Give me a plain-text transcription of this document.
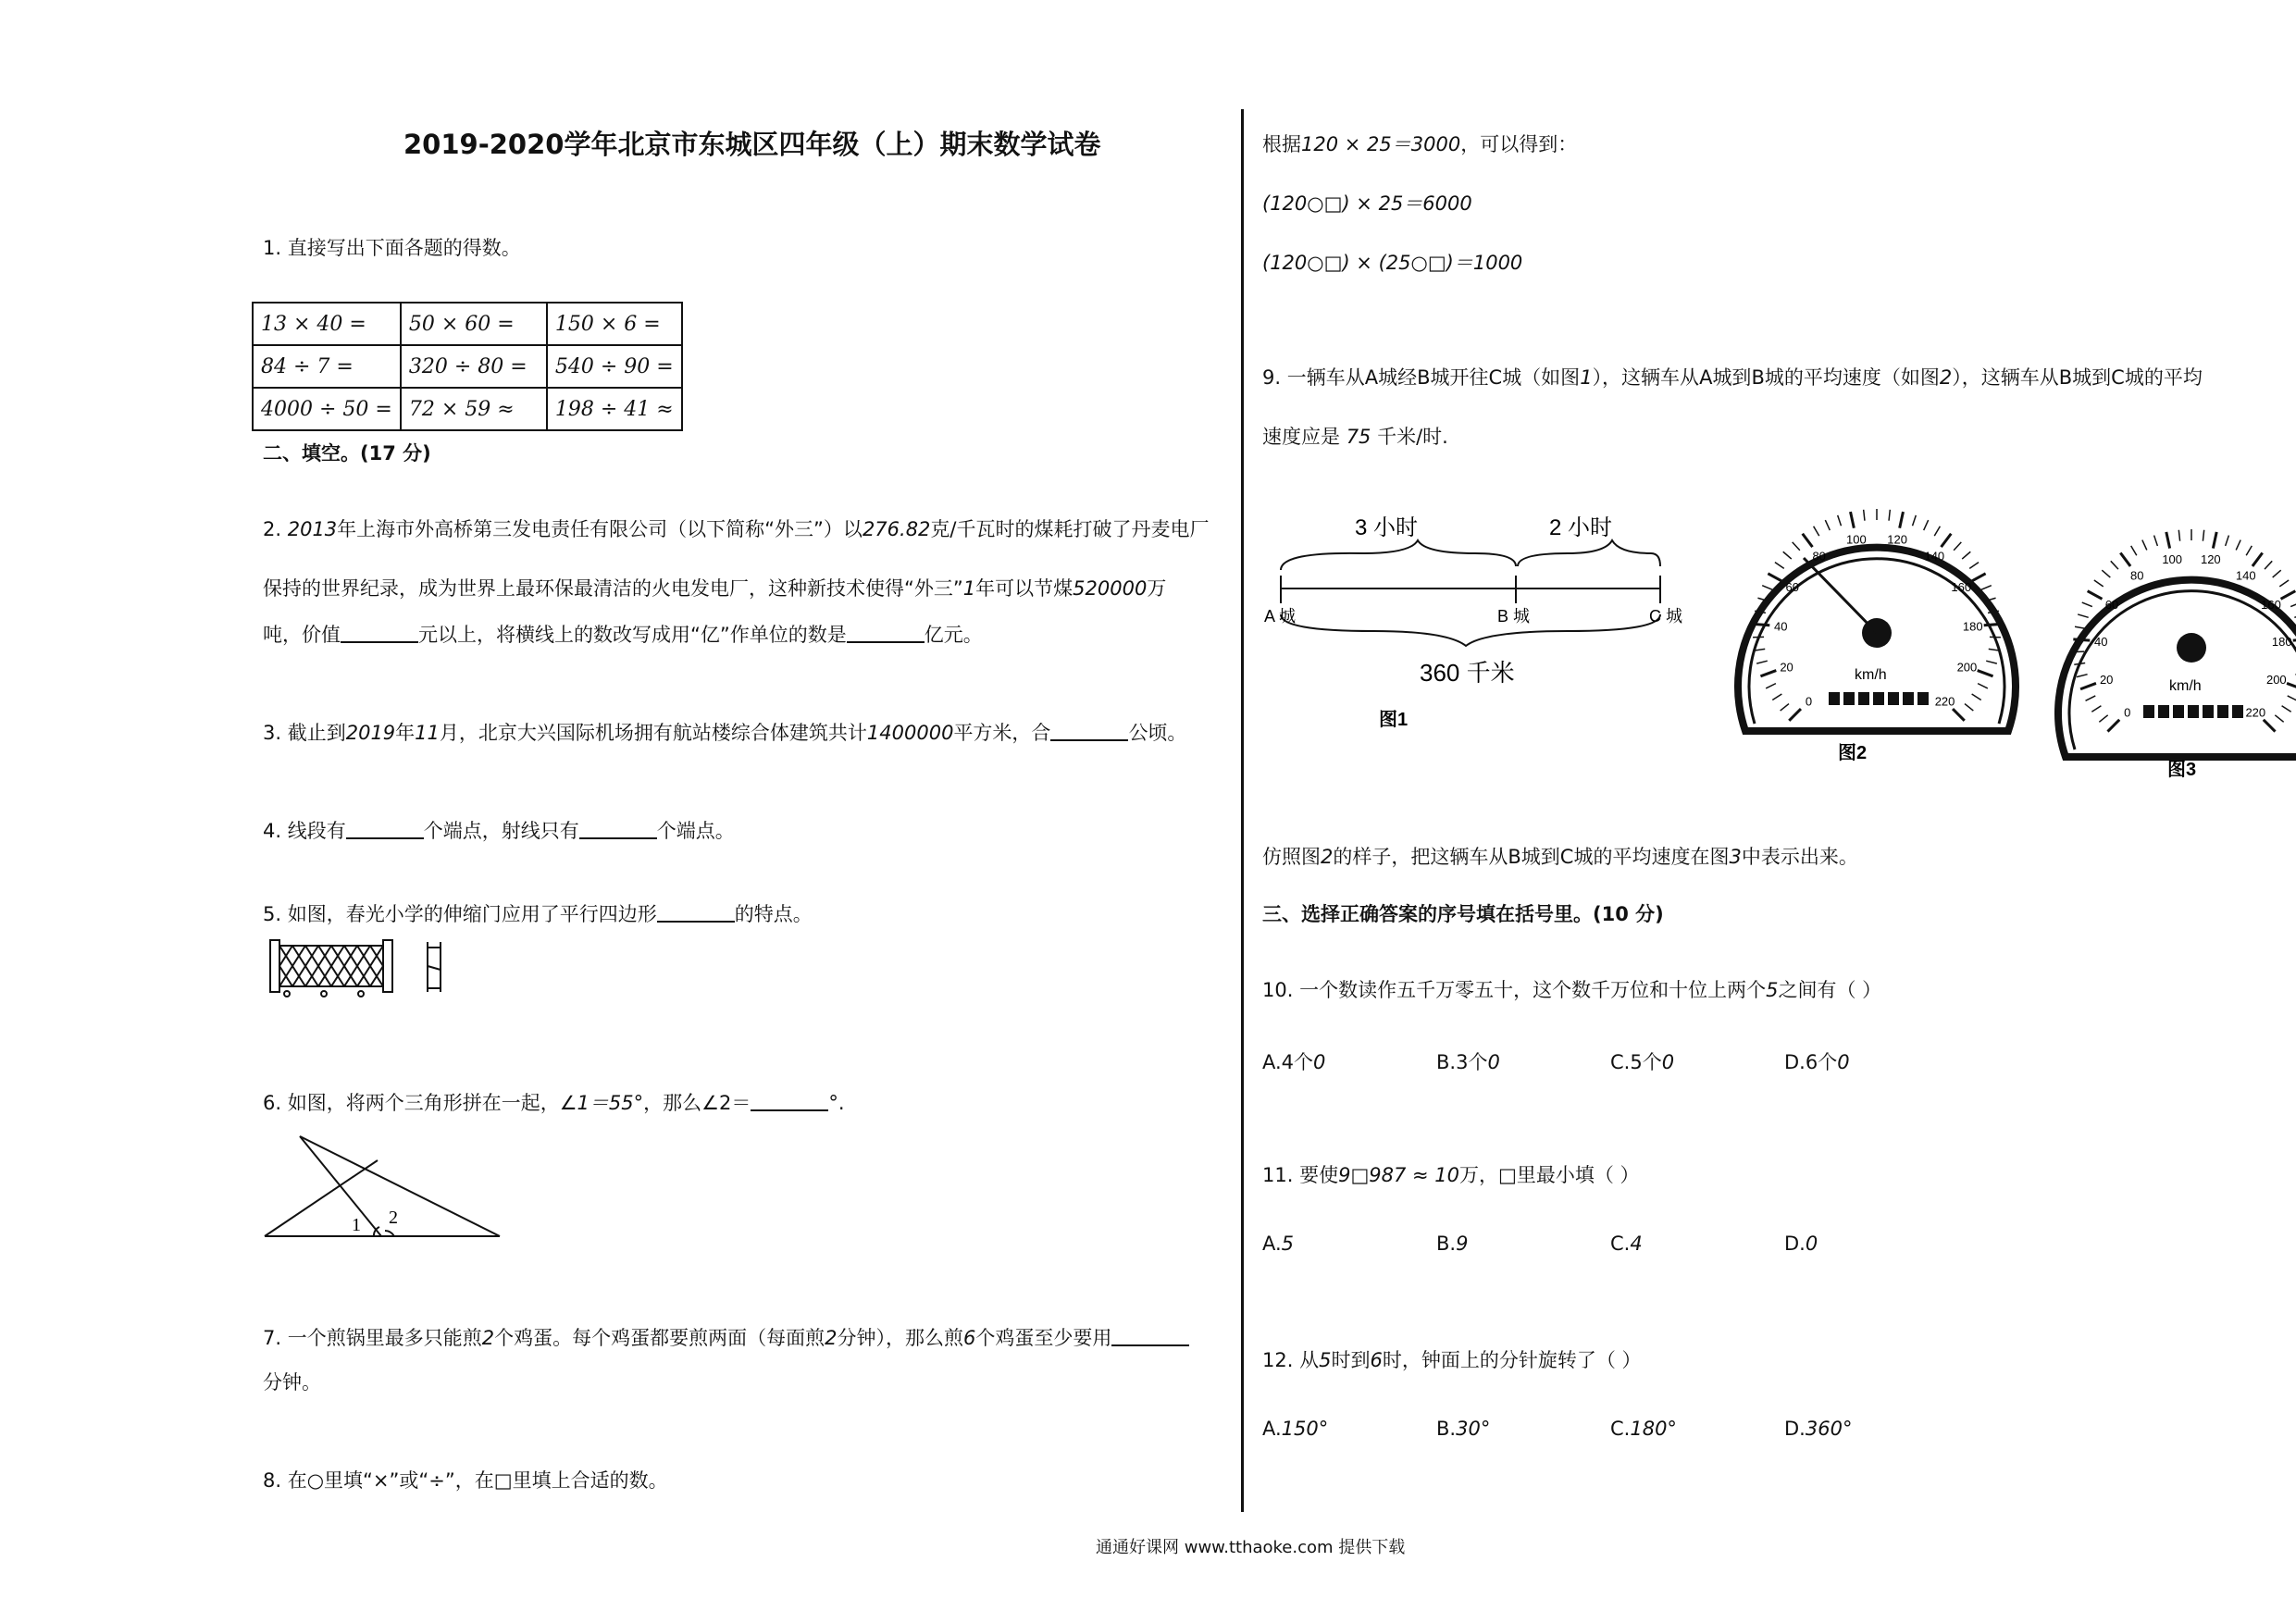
2019-2020学年北京市东城区四年级（上）期末数学试卷
1. 直接写出下面各题的得数。
13 × 40 =	50 × 60 =	150 × 6 =
84 ÷ 7 =	320 ÷ 80 =	540 ÷ 90 =
4000 ÷ 50 =	72 × 59 ≈	198 ÷ 41 ≈
二、填空。(17 分)
2. 2013年上海市外高桥第三发电责任有限公司（以下简称“外三”）以276.82克/千瓦时的煤耗打破了丹麦电厂
保持的世界纪录，成为世界上最环保最清洁的火电发电厂，这种新技术使得“外三”1年可以节煤520000万
吨，价值	元以上，将横线上的数改写成用“亿”作单位的数是	亿元。
3. 截止到2019年11月，北京大兴国际机场拥有航站楼综合体建筑共计1400000平方米，合	公顷。
4. 线段有	个端点，射线只有	个端点。
5. 如图，春光小学的伸缩门应用了平行四边形	的特点。
6. 如图，将两个三角形拼在一起，∠1＝55°，那么∠2＝	°.
1 2
7. 一个煎锅里最多只能煎2个鸡蛋。每个鸡蛋都要煎两面（每面煎2分钟），那么煎6个鸡蛋至少要用
分钟。
8. 在○里填“×”或“÷”，在□里填上合适的数。
根据120 × 25＝3000，可以得到：
(120○□) × 25＝6000
(120○□) × (25○□)＝1000
9. 一辆车从A城经B城开往C城（如图1），这辆车从A城到B城的平均速度（如图2），这辆车从B城到C城的平均
速度应是 75 千米/时.
3 小时	2 小时
A 城	B 城	C 城
360 千米
图1
0
20
40
60
80
100 120
140
160
180
200
220
km/h
图2
0
20
40
60
80
100 120
140
160
180
200
220
km/h
图3
仿照图2的样子，把这辆车从B城到C城的平均速度在图3中表示出来。
三、选择正确答案的序号填在括号里。(10 分)
10. 一个数读作五千万零五十，这个数千万位和十位上两个5之间有（ ）
A.4个0	B.3个0	C.5个0	D.6个0
11. 要使9□987 ≈ 10万，□里最小填（ ）
A.5	B.9	C.4	D.0
12. 从5时到6时，钟面上的分针旋转了（ ）
A.150°	B.30°	C.180°	D.360°
通通好课网 www.tthaoke.com 提供下载
